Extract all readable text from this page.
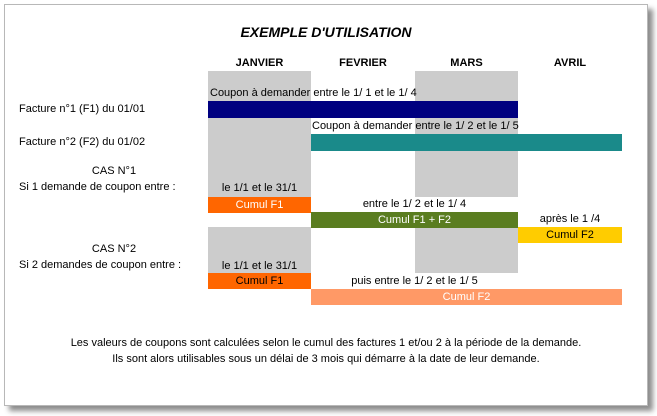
EXEMPLE D'UTILISATION
JANVIER	FEVRIER	MARS	AVRIL
Facture n°1 (F1) du 01/01
Coupon à demander entre le 1/ 1 et le 1/ 4
Facture n°2 (F2) du 01/02
Coupon à demander entre le 1/ 2 et le 1/ 5
CAS N°1
Si 1 demande de coupon entre :	le 1/1 et le 31/1
Cumul F1	entre le 1/ 2 et le 1/ 4
Cumul F1 + F2	après le 1 /4
Cumul F2
CAS N°2
Si 2 demandes de coupon entre :	le 1/1 et le 31/1
Cumul F1	puis entre le 1/ 2 et le 1/ 5
Cumul F2
Les valeurs de coupons sont calculées selon le cumul des factures 1 et/ou 2 à la période de la demande.
Ils sont alors utilisables sous un délai de 3 mois qui démarre à la date de leur demande.
